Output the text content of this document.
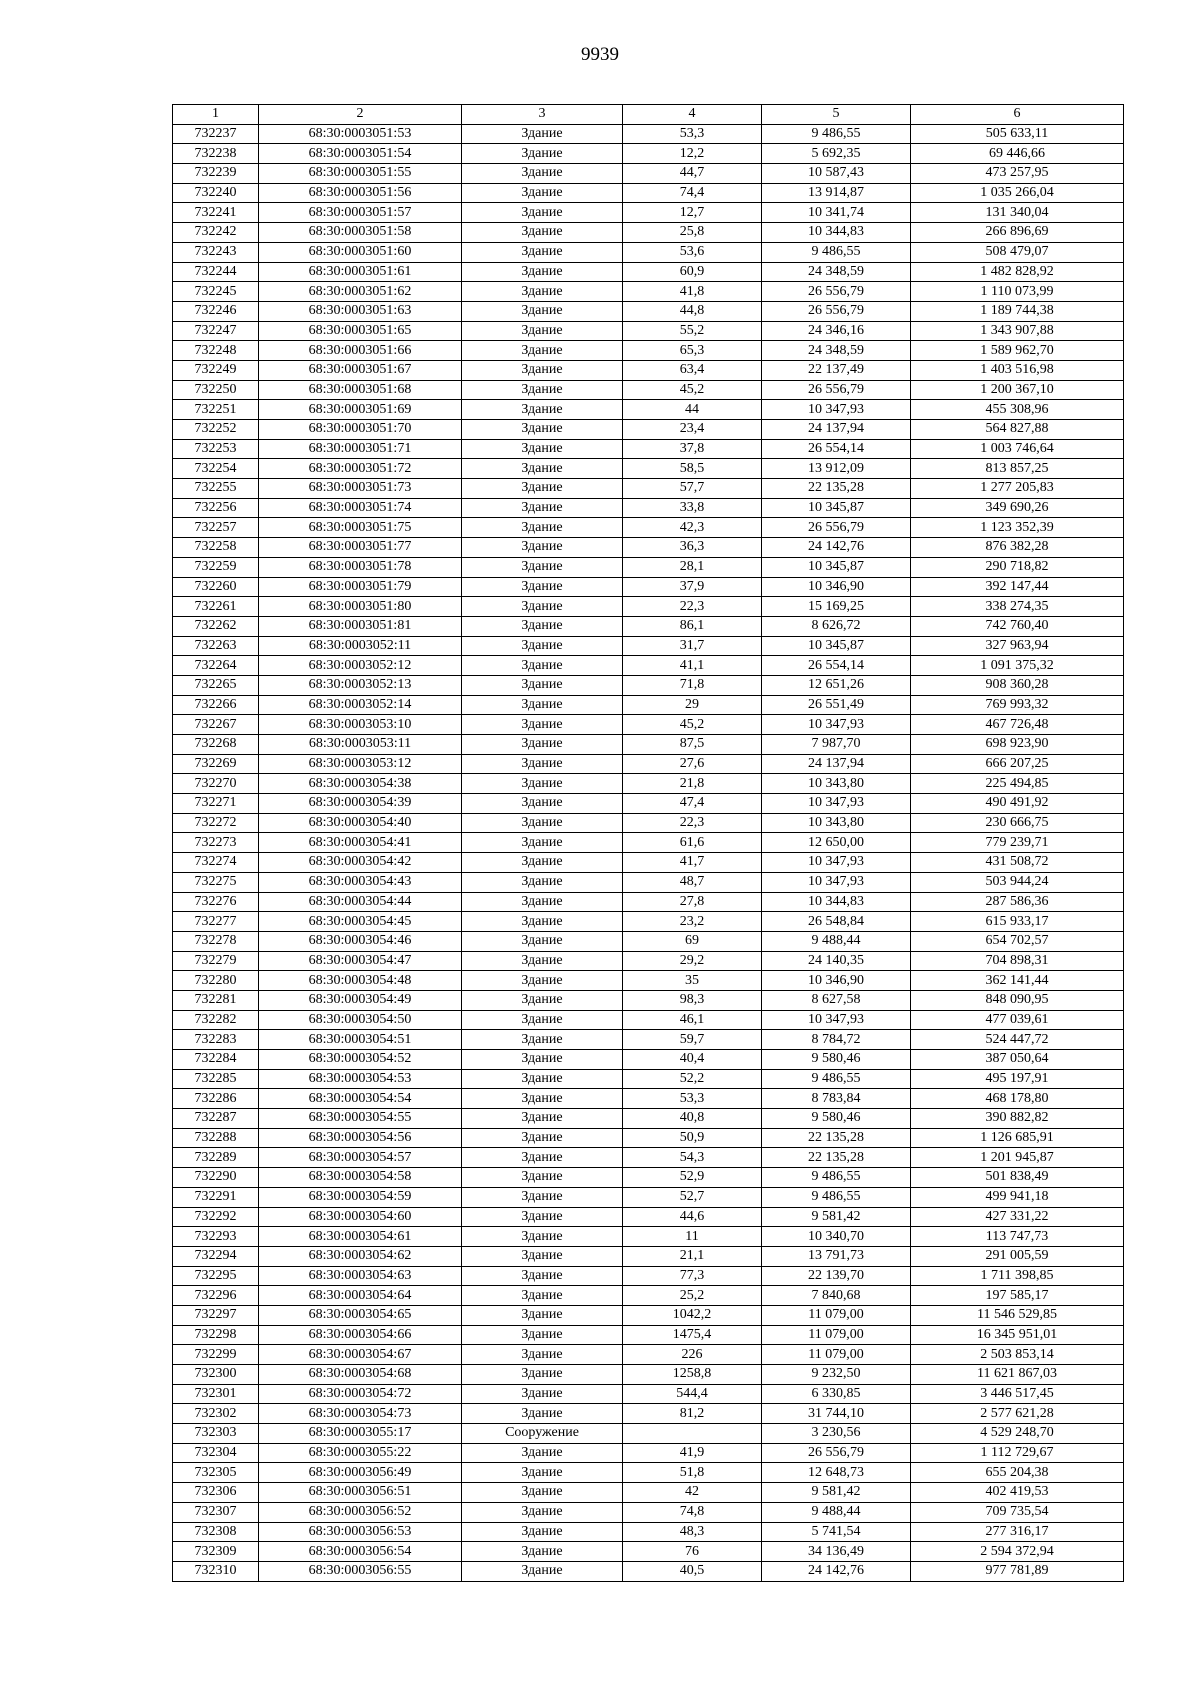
9939
1	2	3	4	5	6
732237	68:30:0003051:53	Здание	53,3	9 486,55	505 633,11
732238	68:30:0003051:54	Здание	12,2	5 692,35	69 446,66
732239	68:30:0003051:55	Здание	44,7	10 587,43	473 257,95
732240	68:30:0003051:56	Здание	74,4	13 914,87	1 035 266,04
732241	68:30:0003051:57	Здание	12,7	10 341,74	131 340,04
732242	68:30:0003051:58	Здание	25,8	10 344,83	266 896,69
732243	68:30:0003051:60	Здание	53,6	9 486,55	508 479,07
732244	68:30:0003051:61	Здание	60,9	24 348,59	1 482 828,92
732245	68:30:0003051:62	Здание	41,8	26 556,79	1 110 073,99
732246	68:30:0003051:63	Здание	44,8	26 556,79	1 189 744,38
732247	68:30:0003051:65	Здание	55,2	24 346,16	1 343 907,88
732248	68:30:0003051:66	Здание	65,3	24 348,59	1 589 962,70
732249	68:30:0003051:67	Здание	63,4	22 137,49	1 403 516,98
732250	68:30:0003051:68	Здание	45,2	26 556,79	1 200 367,10
732251	68:30:0003051:69	Здание	44	10 347,93	455 308,96
732252	68:30:0003051:70	Здание	23,4	24 137,94	564 827,88
732253	68:30:0003051:71	Здание	37,8	26 554,14	1 003 746,64
732254	68:30:0003051:72	Здание	58,5	13 912,09	813 857,25
732255	68:30:0003051:73	Здание	57,7	22 135,28	1 277 205,83
732256	68:30:0003051:74	Здание	33,8	10 345,87	349 690,26
732257	68:30:0003051:75	Здание	42,3	26 556,79	1 123 352,39
732258	68:30:0003051:77	Здание	36,3	24 142,76	876 382,28
732259	68:30:0003051:78	Здание	28,1	10 345,87	290 718,82
732260	68:30:0003051:79	Здание	37,9	10 346,90	392 147,44
732261	68:30:0003051:80	Здание	22,3	15 169,25	338 274,35
732262	68:30:0003051:81	Здание	86,1	8 626,72	742 760,40
732263	68:30:0003052:11	Здание	31,7	10 345,87	327 963,94
732264	68:30:0003052:12	Здание	41,1	26 554,14	1 091 375,32
732265	68:30:0003052:13	Здание	71,8	12 651,26	908 360,28
732266	68:30:0003052:14	Здание	29	26 551,49	769 993,32
732267	68:30:0003053:10	Здание	45,2	10 347,93	467 726,48
732268	68:30:0003053:11	Здание	87,5	7 987,70	698 923,90
732269	68:30:0003053:12	Здание	27,6	24 137,94	666 207,25
732270	68:30:0003054:38	Здание	21,8	10 343,80	225 494,85
732271	68:30:0003054:39	Здание	47,4	10 347,93	490 491,92
732272	68:30:0003054:40	Здание	22,3	10 343,80	230 666,75
732273	68:30:0003054:41	Здание	61,6	12 650,00	779 239,71
732274	68:30:0003054:42	Здание	41,7	10 347,93	431 508,72
732275	68:30:0003054:43	Здание	48,7	10 347,93	503 944,24
732276	68:30:0003054:44	Здание	27,8	10 344,83	287 586,36
732277	68:30:0003054:45	Здание	23,2	26 548,84	615 933,17
732278	68:30:0003054:46	Здание	69	9 488,44	654 702,57
732279	68:30:0003054:47	Здание	29,2	24 140,35	704 898,31
732280	68:30:0003054:48	Здание	35	10 346,90	362 141,44
732281	68:30:0003054:49	Здание	98,3	8 627,58	848 090,95
732282	68:30:0003054:50	Здание	46,1	10 347,93	477 039,61
732283	68:30:0003054:51	Здание	59,7	8 784,72	524 447,72
732284	68:30:0003054:52	Здание	40,4	9 580,46	387 050,64
732285	68:30:0003054:53	Здание	52,2	9 486,55	495 197,91
732286	68:30:0003054:54	Здание	53,3	8 783,84	468 178,80
732287	68:30:0003054:55	Здание	40,8	9 580,46	390 882,82
732288	68:30:0003054:56	Здание	50,9	22 135,28	1 126 685,91
732289	68:30:0003054:57	Здание	54,3	22 135,28	1 201 945,87
732290	68:30:0003054:58	Здание	52,9	9 486,55	501 838,49
732291	68:30:0003054:59	Здание	52,7	9 486,55	499 941,18
732292	68:30:0003054:60	Здание	44,6	9 581,42	427 331,22
732293	68:30:0003054:61	Здание	11	10 340,70	113 747,73
732294	68:30:0003054:62	Здание	21,1	13 791,73	291 005,59
732295	68:30:0003054:63	Здание	77,3	22 139,70	1 711 398,85
732296	68:30:0003054:64	Здание	25,2	7 840,68	197 585,17
732297	68:30:0003054:65	Здание	1042,2	11 079,00	11 546 529,85
732298	68:30:0003054:66	Здание	1475,4	11 079,00	16 345 951,01
732299	68:30:0003054:67	Здание	226	11 079,00	2 503 853,14
732300	68:30:0003054:68	Здание	1258,8	9 232,50	11 621 867,03
732301	68:30:0003054:72	Здание	544,4	6 330,85	3 446 517,45
732302	68:30:0003054:73	Здание	81,2	31 744,10	2 577 621,28
732303	68:30:0003055:17	Сооружение		3 230,56	4 529 248,70
732304	68:30:0003055:22	Здание	41,9	26 556,79	1 112 729,67
732305	68:30:0003056:49	Здание	51,8	12 648,73	655 204,38
732306	68:30:0003056:51	Здание	42	9 581,42	402 419,53
732307	68:30:0003056:52	Здание	74,8	9 488,44	709 735,54
732308	68:30:0003056:53	Здание	48,3	5 741,54	277 316,17
732309	68:30:0003056:54	Здание	76	34 136,49	2 594 372,94
732310	68:30:0003056:55	Здание	40,5	24 142,76	977 781,89
